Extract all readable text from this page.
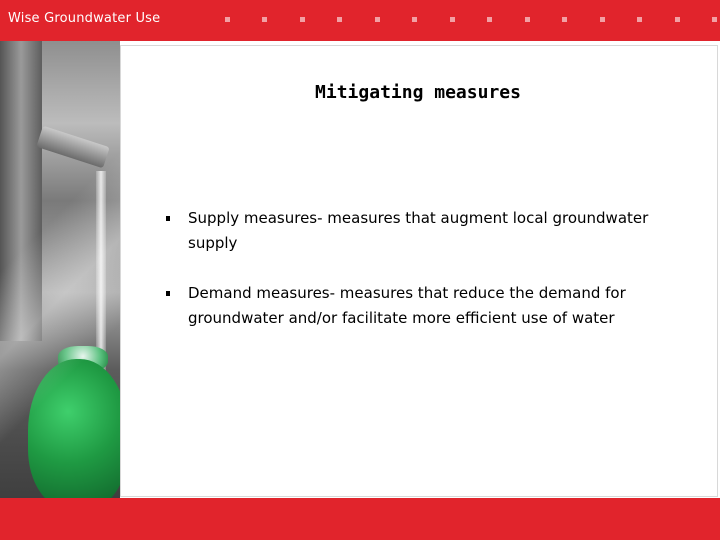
Wise Groundwater Use
Mitigating measures
Supply measures- measures that augment local groundwater supply
Demand measures- measures that reduce the demand for groundwater and/or facilitate more efficient use of water
